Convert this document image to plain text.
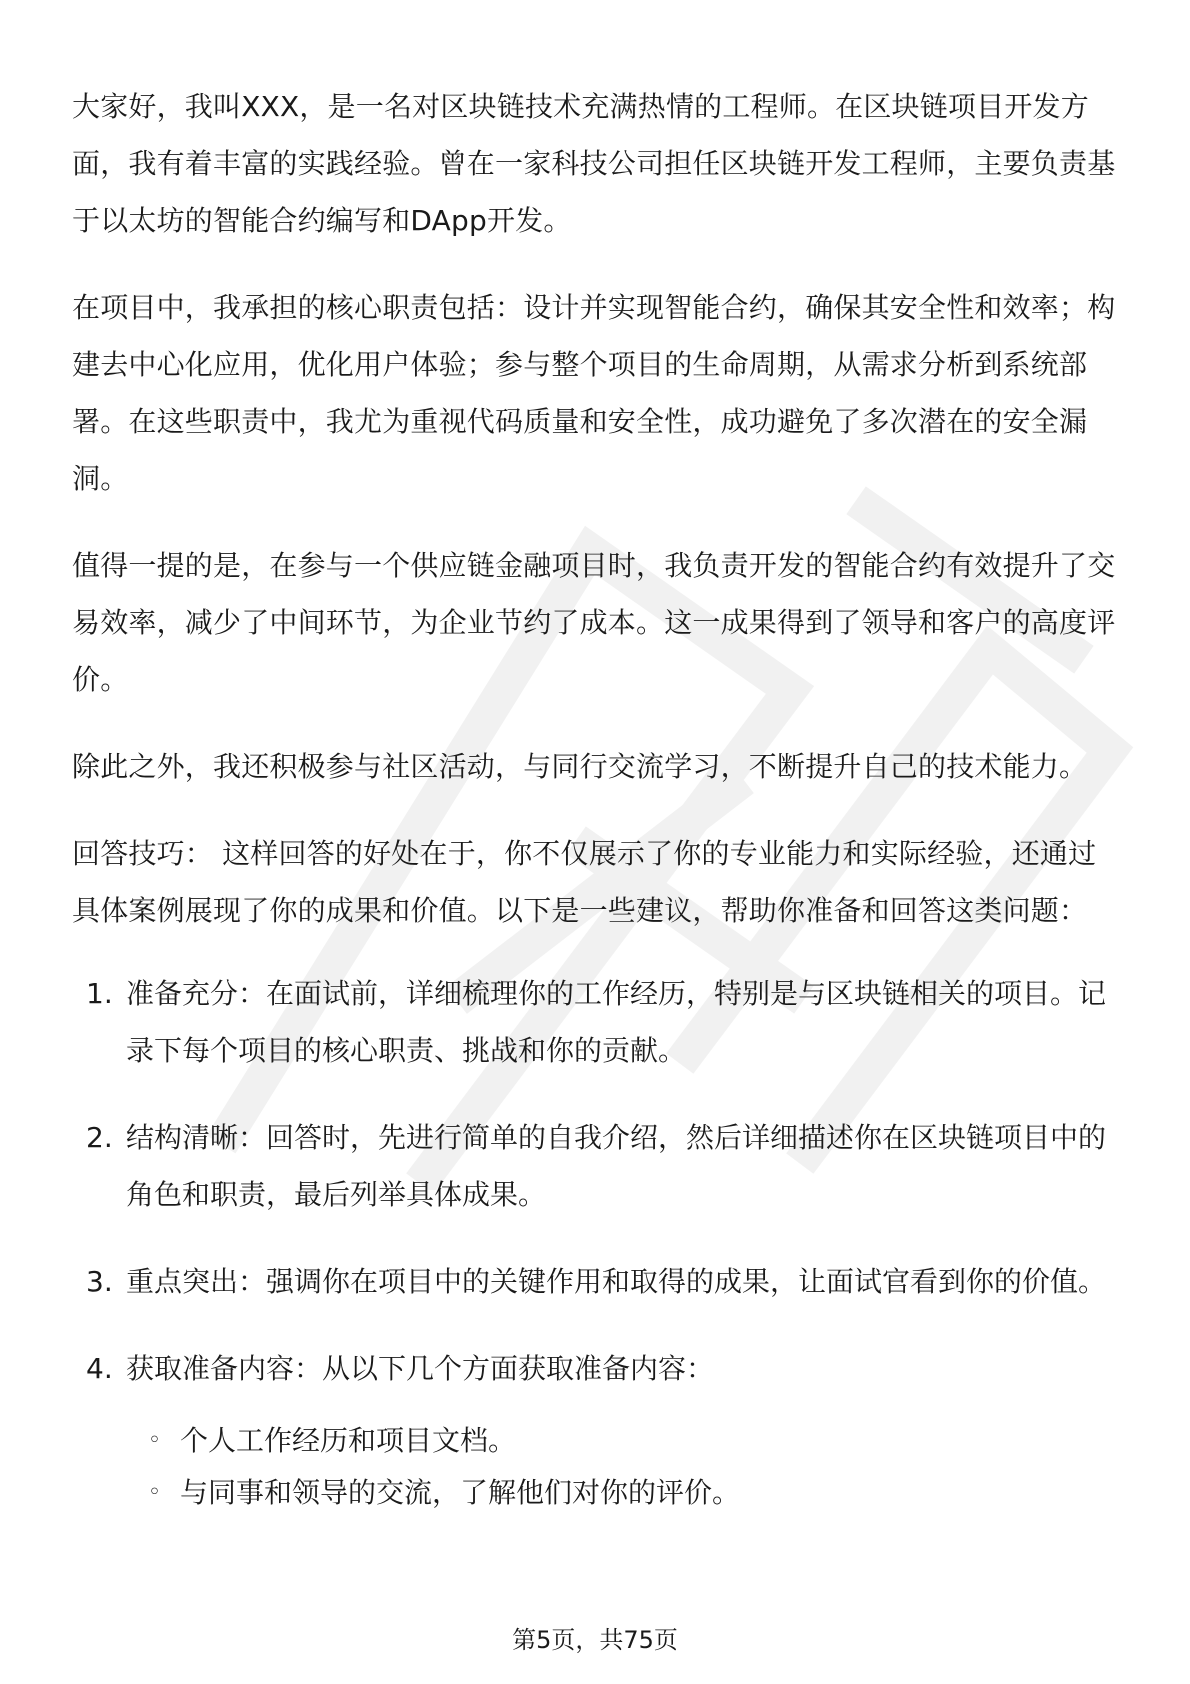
大家好，我叫XXX，是一名对区块链技术充满热情的工程师。在区块链项目开发方面，我有着丰富的实践经验。曾在一家科技公司担任区块链开发工程师，主要负责基于以太坊的智能合约编写和DApp开发。

在项目中，我承担的核心职责包括：设计并实现智能合约，确保其安全性和效率；构建去中心化应用，优化用户体验；参与整个项目的生命周期，从需求分析到系统部署。在这些职责中，我尤为重视代码质量和安全性，成功避免了多次潜在的安全漏洞。

值得一提的是，在参与一个供应链金融项目时，我负责开发的智能合约有效提升了交易效率，减少了中间环节，为企业节约了成本。这一成果得到了领导和客户的高度评价。

除此之外，我还积极参与社区活动，与同行交流学习，不断提升自己的技术能力。

回答技巧： 这样回答的好处在于，你不仅展示了你的专业能力和实际经验，还通过具体案例展现了你的成果和价值。以下是一些建议，帮助你准备和回答这类问题：

1. 准备充分：在面试前，详细梳理你的工作经历，特别是与区块链相关的项目。记录下每个项目的核心职责、挑战和你的贡献。
2. 结构清晰：回答时，先进行简单的自我介绍，然后详细描述你在区块链项目中的角色和职责，最后列举具体成果。
3. 重点突出：强调你在项目中的关键作用和取得的成果，让面试官看到你的价值。
4. 获取准备内容：从以下几个方面获取准备内容：
◦ 个人工作经历和项目文档。
◦ 与同事和领导的交流，了解他们对你的评价。
第5页，共75页
